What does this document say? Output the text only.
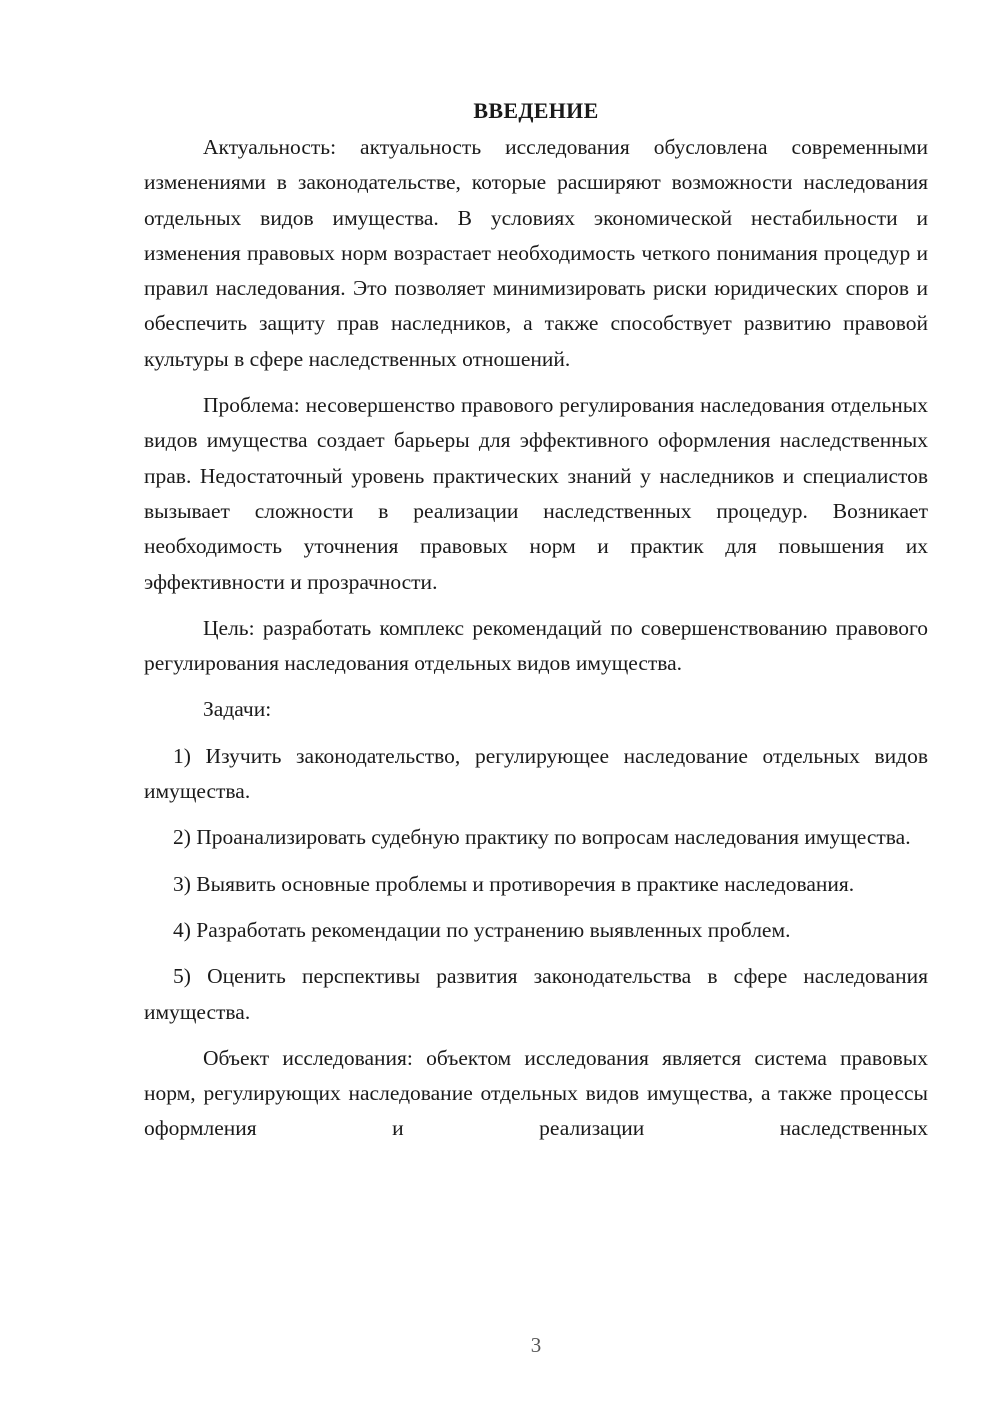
ВВЕДЕНИЕ

Актуальность: актуальность исследования обусловлена современными изменениями в законодательстве, которые расширяют возможности наследования отдельных видов имущества. В условиях экономической нестабильности и изменения правовых норм возрастает необходимость четкого понимания процедур и правил наследования. Это позволяет минимизировать риски юридических споров и обеспечить защиту прав наследников, а также способствует развитию правовой культуры в сфере наследственных отношений.

Проблема: несовершенство правового регулирования наследования отдельных видов имущества создает барьеры для эффективного оформления наследственных прав. Недостаточный уровень практических знаний у наследников и специалистов вызывает сложности в реализации наследственных процедур. Возникает необходимость уточнения правовых норм и практик для повышения их эффективности и прозрачности.

Цель: разработать комплекс рекомендаций по совершенствованию правового регулирования наследования отдельных видов имущества.

Задачи:

1) Изучить законодательство, регулирующее наследование отдельных видов имущества.

2) Проанализировать судебную практику по вопросам наследования имущества.

3) Выявить основные проблемы и противоречия в практике наследования.

4) Разработать рекомендации по устранению выявленных проблем.

5) Оценить перспективы развития законодательства в сфере наследования имущества.

Объект исследования: объектом исследования является система правовых норм, регулирующих наследование отдельных видов имущества, а также процессы оформления и реализации наследственных

3
